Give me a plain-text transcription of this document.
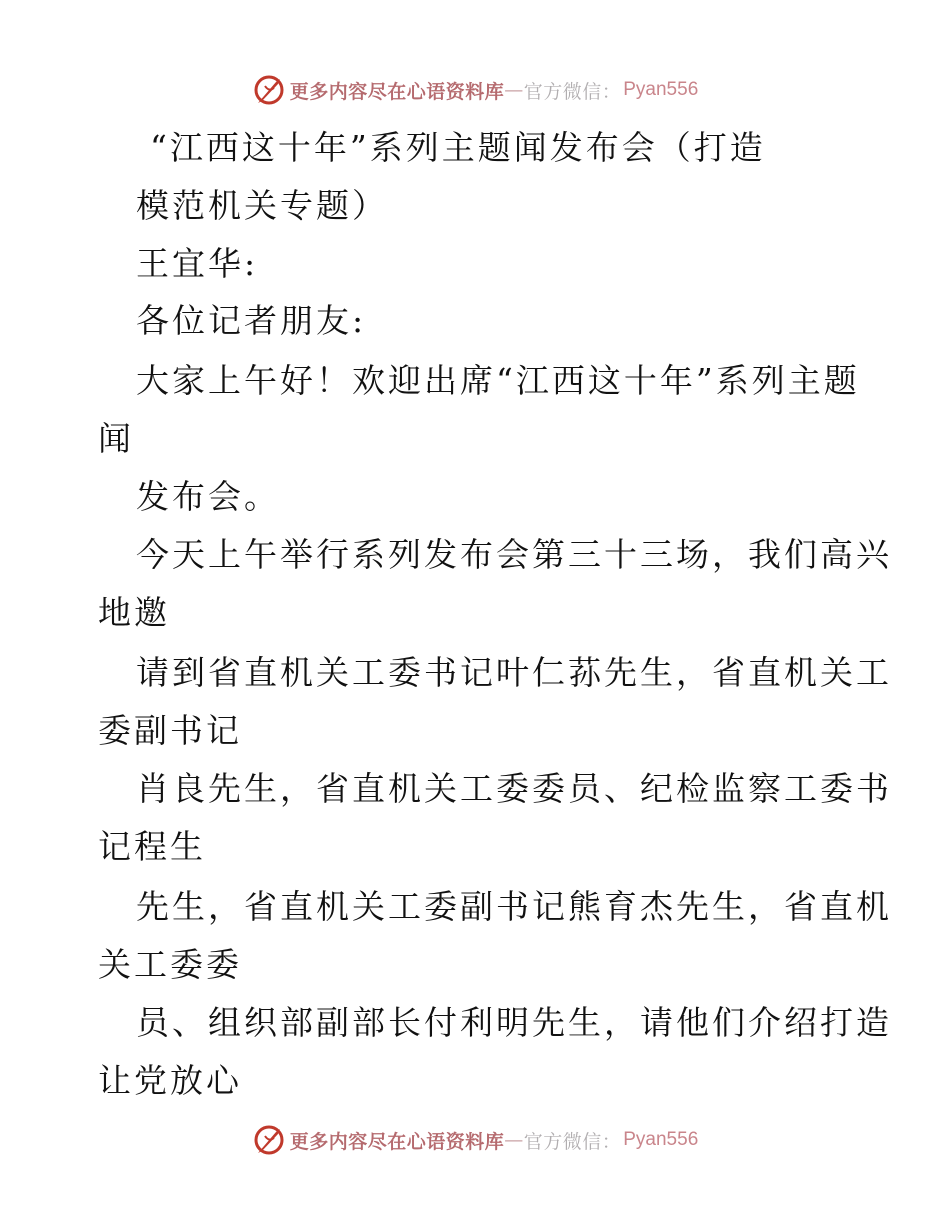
更多内容尽在心语资料库 — 官方微信： Pyan556
“江西这十年”系列主题闻发布会（打造
模范机关专题）
王宜华:
各位记者朋友:
大家上午好！欢迎出席“江西这十年”系列主题
闻
发布会。
今天上午举行系列发布会第三十三场，我们高兴
地邀
请到省直机关工委书记叶仁荪先生，省直机关工
委副书记
肖良先生，省直机关工委委员、纪检监察工委书
记程生
先生，省直机关工委副书记熊育杰先生，省直机
关工委委
员、组织部副部长付利明先生，请他们介绍打造
让党放心
更多内容尽在心语资料库 — 官方微信： Pyan556
